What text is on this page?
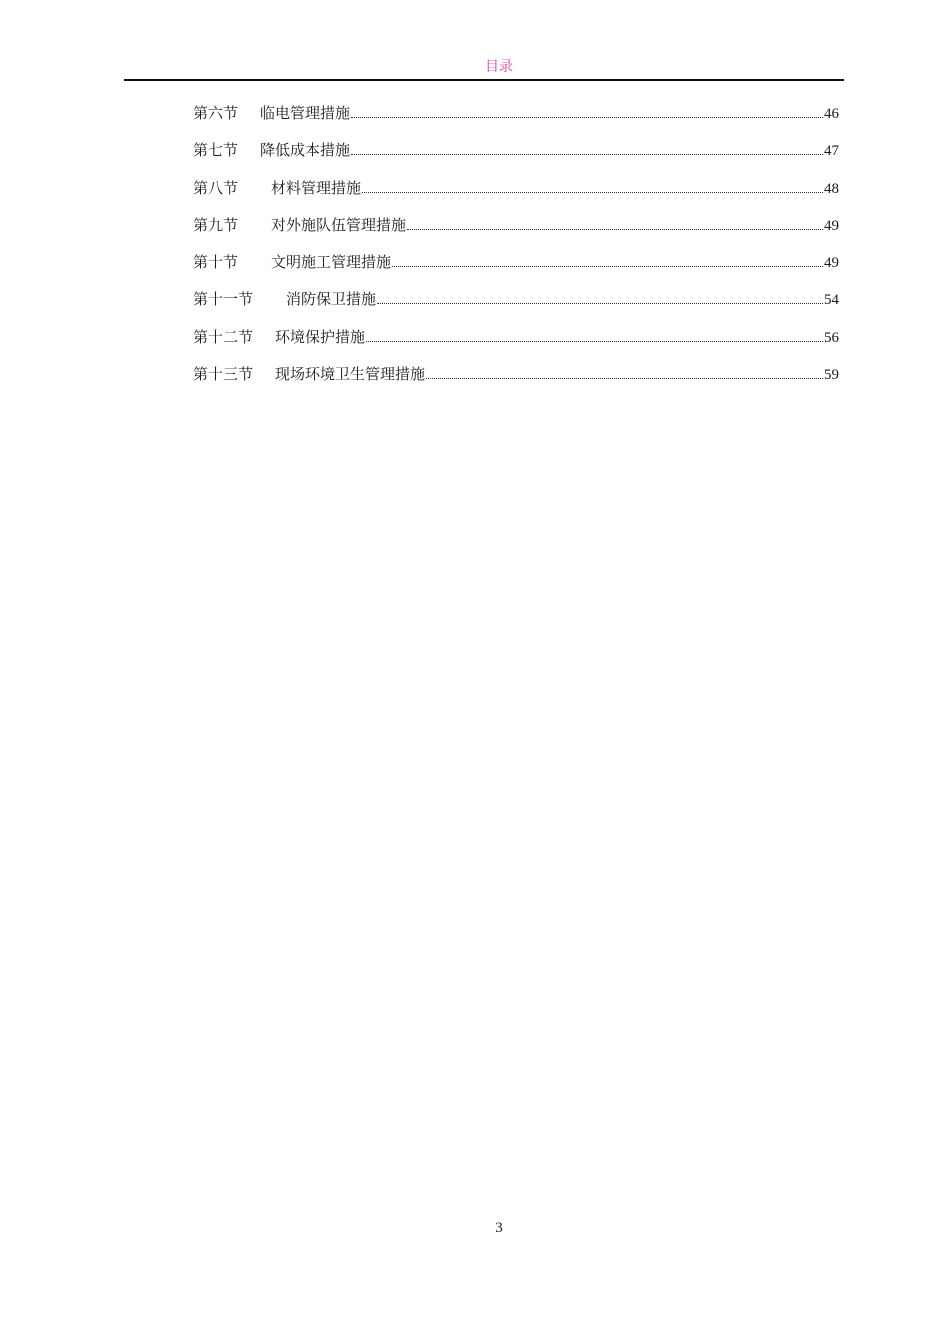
目录
第六节 临电管理措施	46
第七节 降低成本措施	47
第八节 材料管理措施	48
第九节 对外施队伍管理措施	49
第十节 文明施工管理措施	49
第十一节 消防保卫措施	54
第十二节 环境保护措施	56
第十三节 现场环境卫生管理措施	59
3
